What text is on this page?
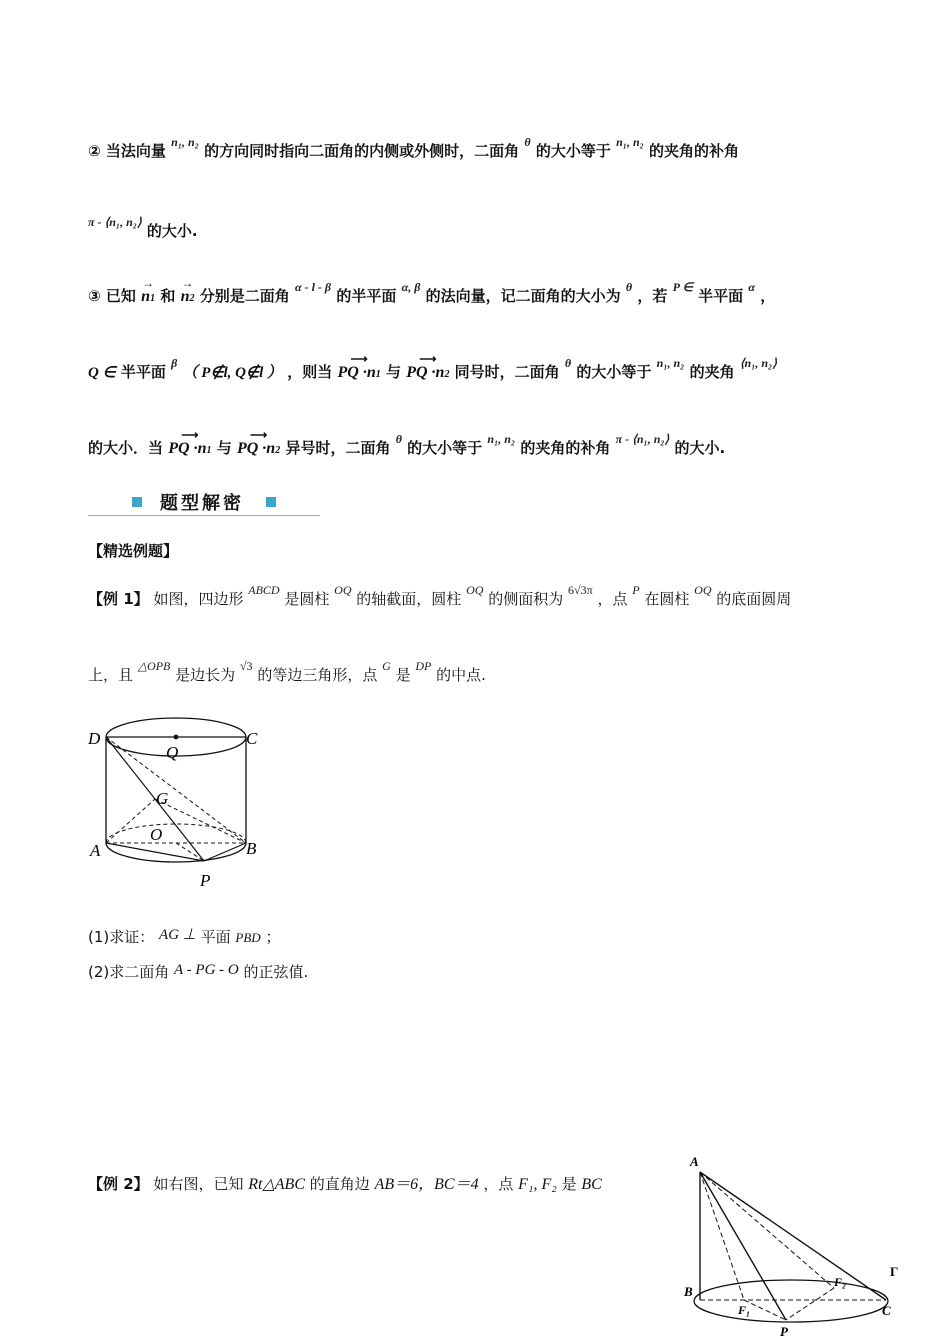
② 当法向量 $^{n_1, n_2}$ 的方向同时指向二面角的内侧或外侧时，二面角 $^\theta$ 的大小等于 $^{n_1, n_2}$ 的夹角的补角
$^{\pi - ⟨n_1, n_2⟩}$ 的大小.
③ 已知
→
n1 和
→
n2 分别是二面角 $^{\alpha - l - \beta}$ 的半平面 $^{\alpha, \beta}$ 的法向量，记二面角的大小为 $^\theta$ ，若 $^{P \in}$ 半平面 $^\alpha$ ，
Q ∈ 半平面 $^\beta$ （ P∉l, Q∉l ） ，则当
⟶
PQ ·n1 与
⟶
PQ ·n2 同号时，二面角 $^\theta$ 的大小等于 $^{n_1, n_2}$ 的夹角 $^{⟨n_1, n_2⟩}$
的大小．当
⟶
PQ ·n1 与
⟶
PQ ·n2 异号时，二面角 $^\theta$ 的大小等于 $^{n_1, n_2}$ 的夹角的补角 $^{\pi - ⟨n_1, n_2⟩}$ 的大小.
题型解密
【精选例题】
【例 1】 如图，四边形 $^{ABCD}$ 是圆柱 $^{OQ}$ 的轴截面，圆柱 $^{OQ}$ 的侧面积为 $^{6√3\pi}$ ，点 $^P$ 在圆柱 $^{OQ}$ 的底面圆周
上，且 $^{\triangle OPB}$ 是边长为 $^{√3}$ 的等边三角形，点 $^G$ 是 $^{DP}$ 的中点.
D	C
Q
G
O
A	B
P
(1)求证： AG ⊥ 平面 PBD ；
(2)求二面角 A - PG - O 的正弦值.
【例 2】 如右图，已知 Rt△ABC 的直角边 AB＝6，BC＝4 ，点 F₁, F₂ 是 BC
A
B
C
F₁
F₂
P
Γ
